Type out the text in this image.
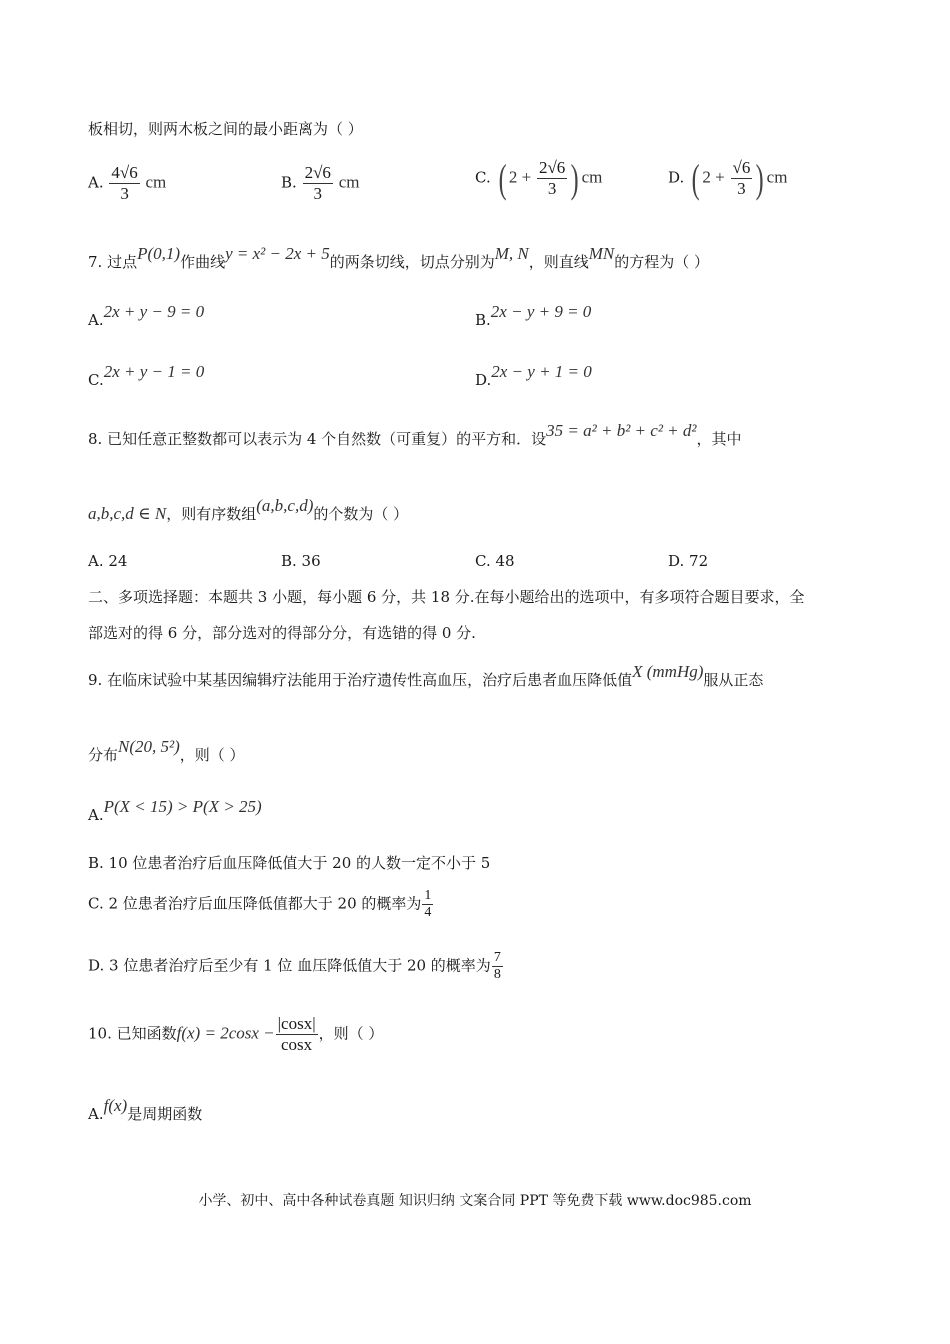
板相切，则两木板之间的最小距离为（ ）
A. $\frac{4√6}{3}$ cm	B. $\frac{2√6}{3}$ cm	C. ( $2 + \frac{2√6}{3}$ ) cm	D. ( $2 + \frac{√6}{3}$ ) cm
7. 过点P(0,1)作曲线y = x² − 2x + 5的两条切线，切点分别为M, N，则直线MN的方程为（ ）
A.2x + y − 9 = 0	B.2x − y + 9 = 0
C.2x + y − 1 = 0	D.2x − y + 1 = 0
8. 已知任意正整数都可以表示为 4 个自然数（可重复）的平方和．设35 = a² + b² + c² + d²，其中
a,b,c,d ∈ N，则有序数组(a,b,c,d)的个数为（ ）
A. 24	B. 36	C. 48	D. 72
二、多项选择题：本题共 3 小题，每小题 6 分，共 18 分.在每小题给出的选项中，有多项符合题目要求，全
部选对的得 6 分，部分选对的得部分分，有选错的得 0 分.
9. 在临床试验中某基因编辑疗法能用于治疗遗传性高血压，治疗后患者血压降低值X (mmHg)服从正态
分布N(20, 5²)，则（ ）
A.P(X < 15) > P(X > 25)
B. 10 位患者治疗后血压降低值大于 20 的人数一定不小于 5
C. 2 位患者治疗后血压降低值都大于 20 的概率为 $\frac{1}{4}$
D. 3 位患者治疗后至少有 1 位 血压降低值大于 20 的概率为 $\frac{7}{8}$
10. 已知函数$f(x) = 2\cos x - \frac{|\cos x|}{\cos x}$ ，则（ ）
A.f(x)是周期函数
小学、初中、高中各种试卷真题 知识归纳 文案合同 PPT 等免费下载 www.doc985.com
